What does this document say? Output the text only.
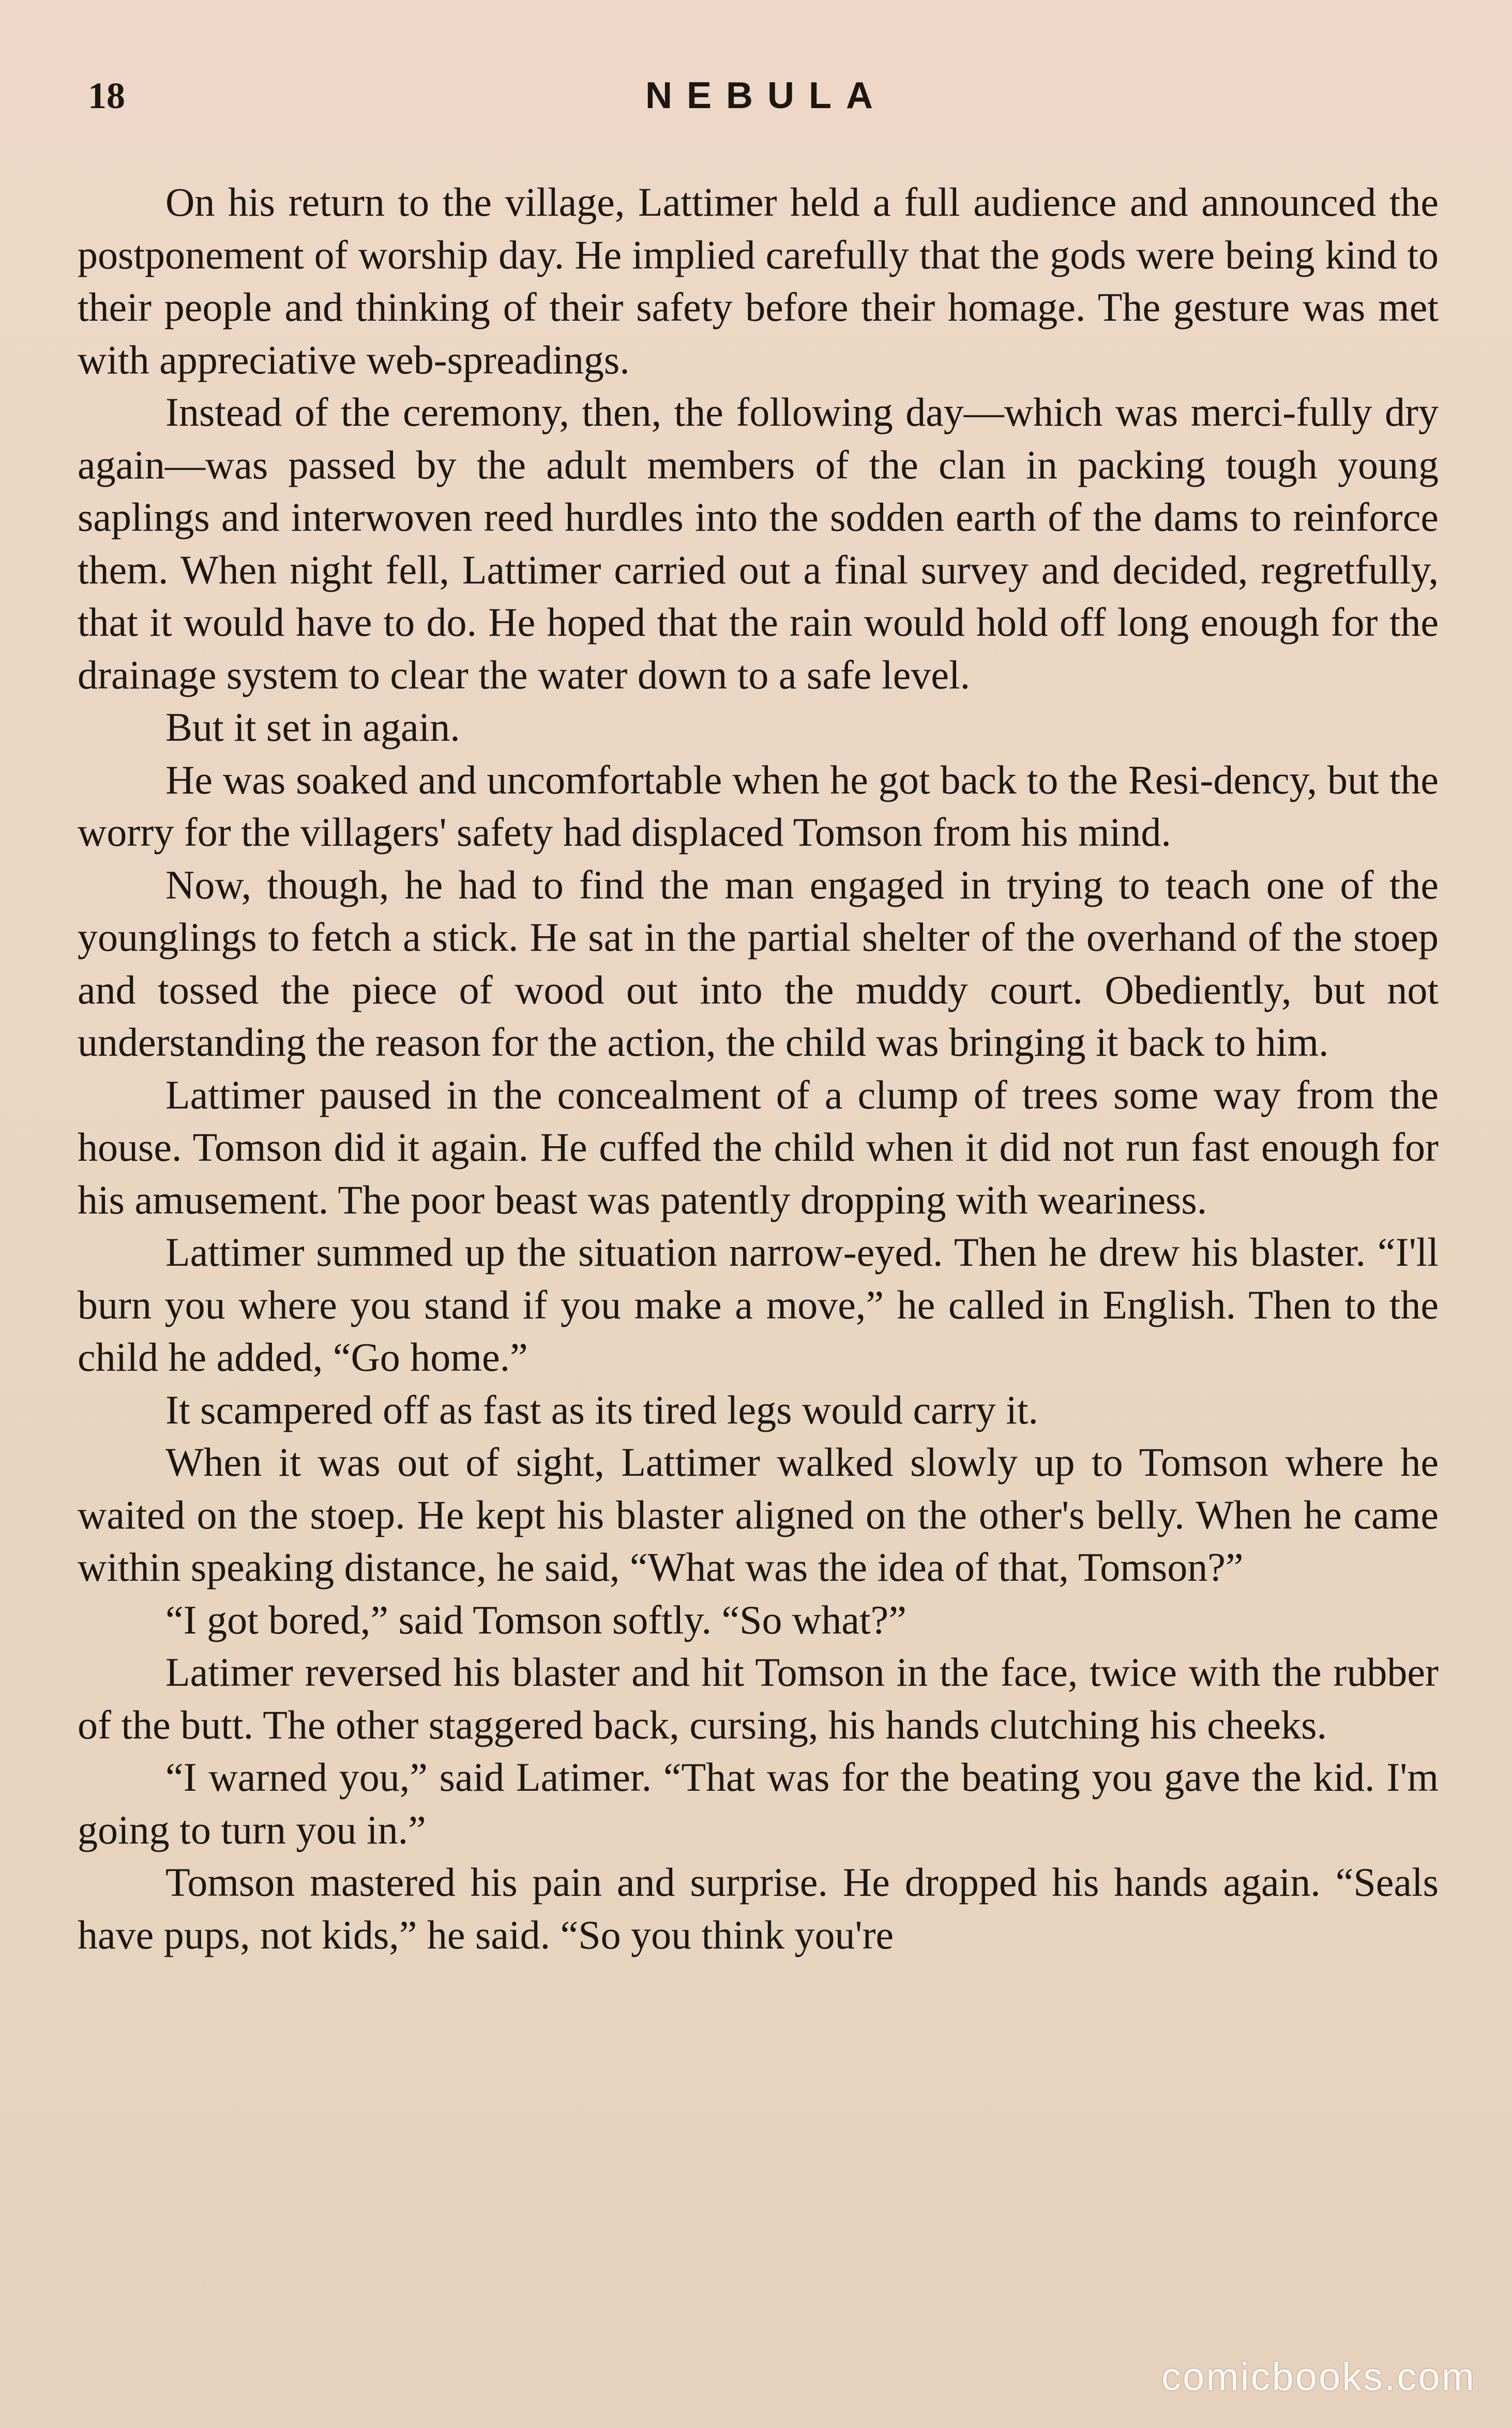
18	NEBULA

On his return to the village, Lattimer held a full audience and announced the postponement of worship day. He implied carefully that the gods were being kind to their people and thinking of their safety before their homage. The gesture was met with appreciative web-spreadings.

Instead of the ceremony, then, the following day—which was merci-fully dry again—was passed by the adult members of the clan in packing tough young saplings and interwoven reed hurdles into the sodden earth of the dams to reinforce them. When night fell, Lattimer carried out a final survey and decided, regretfully, that it would have to do. He hoped that the rain would hold off long enough for the drainage system to clear the water down to a safe level.

But it set in again.

He was soaked and uncomfortable when he got back to the Resi-dency, but the worry for the villagers' safety had displaced Tomson from his mind.

Now, though, he had to find the man engaged in trying to teach one of the younglings to fetch a stick. He sat in the partial shelter of the overhand of the stoep and tossed the piece of wood out into the muddy court. Obediently, but not understanding the reason for the action, the child was bringing it back to him.

Lattimer paused in the concealment of a clump of trees some way from the house. Tomson did it again. He cuffed the child when it did not run fast enough for his amusement. The poor beast was patently dropping with weariness.

Lattimer summed up the situation narrow-eyed. Then he drew his blaster. “I'll burn you where you stand if you make a move,” he called in English. Then to the child he added, “Go home.”

It scampered off as fast as its tired legs would carry it.

When it was out of sight, Lattimer walked slowly up to Tomson where he waited on the stoep. He kept his blaster aligned on the other's belly. When he came within speaking distance, he said, “What was the idea of that, Tomson?”

“I got bored,” said Tomson softly. “So what?”

Latimer reversed his blaster and hit Tomson in the face, twice with the rubber of the butt. The other staggered back, cursing, his hands clutching his cheeks.

“I warned you,” said Latimer. “That was for the beating you gave the kid. I'm going to turn you in.”

Tomson mastered his pain and surprise. He dropped his hands again. “Seals have pups, not kids,” he said. “So you think you're

comicbooks.com
